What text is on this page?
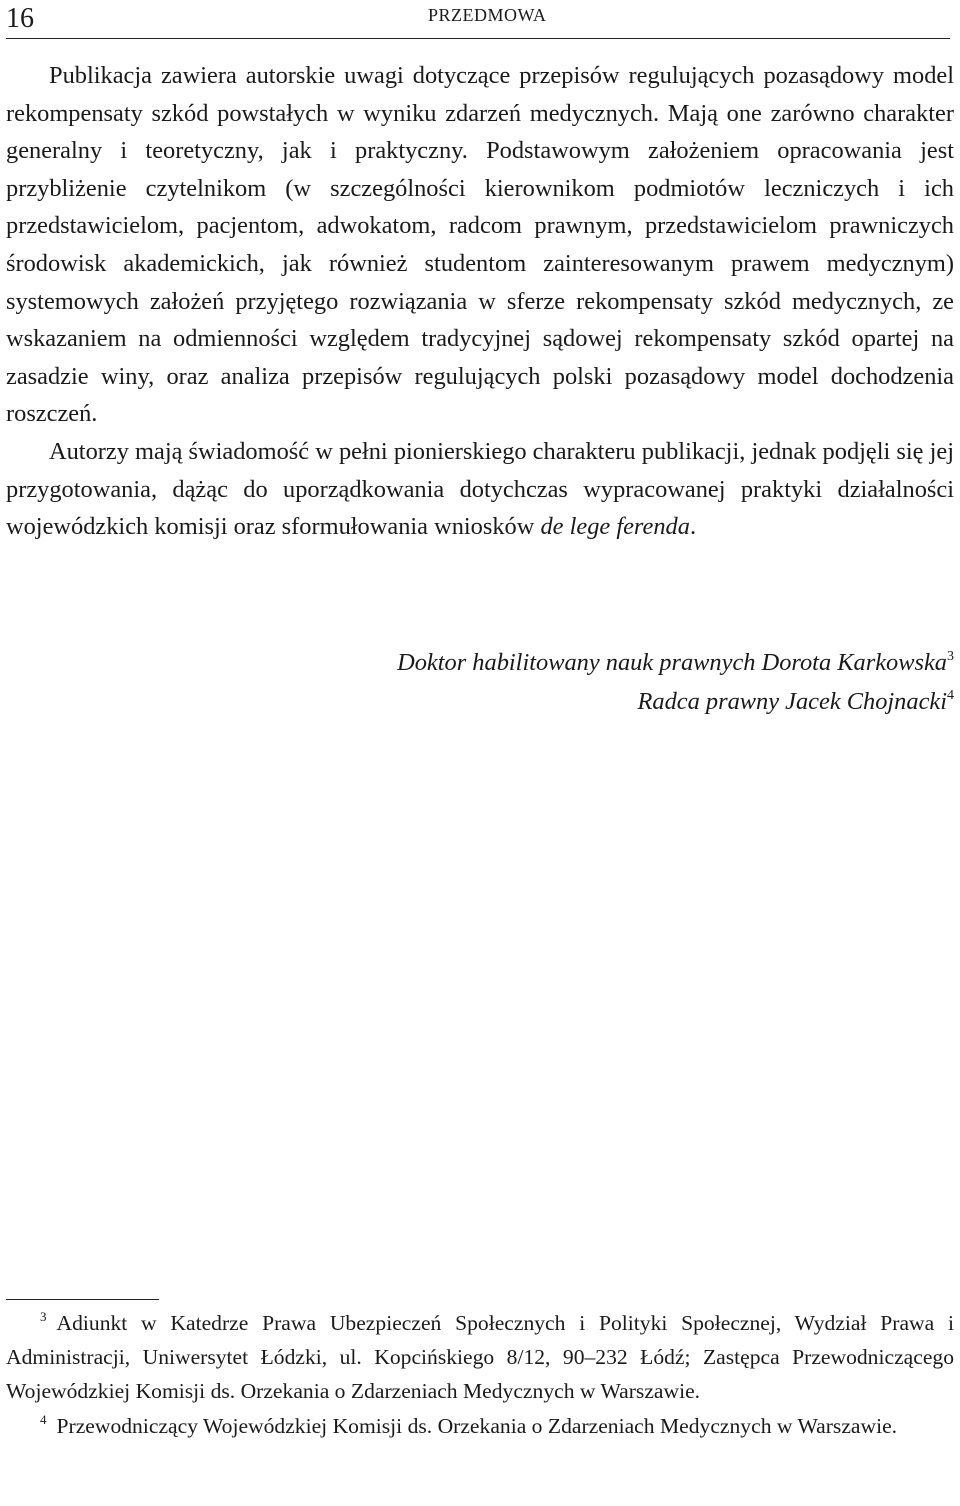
16	PRZEDMOWA

Publikacja zawiera autorskie uwagi dotyczące przepisów regulujących pozasądowy model rekompensaty szkód powstałych w wyniku zdarzeń medycznych. Mają one zarówno charakter generalny i teoretyczny, jak i praktyczny. Podstawowym założeniem opracowania jest przybliżenie czytelnikom (w szczególności kierownikom podmiotów leczniczych i ich przedstawicielom, pacjentom, adwokatom, radcom prawnym, przedstawicielom prawniczych środowisk akademickich, jak również studentom zainteresowanym prawem medycznym) systemowych założeń przyjętego rozwiązania w sferze rekompensaty szkód medycznych, ze wskazaniem na odmienności względem tradycyjnej sądowej rekompensaty szkód opartej na zasadzie winy, oraz analiza przepisów regulujących polski pozasądowy model dochodzenia roszczeń.

Autorzy mają świadomość w pełni pionierskiego charakteru publikacji, jednak podjęli się jej przygotowania, dążąc do uporządkowania dotychczas wypracowanej praktyki działalności wojewódzkich komisji oraz sformułowania wniosków de lege ferenda.

Doktor habilitowany nauk prawnych Dorota Karkowska$^3$
Radca prawny Jacek Chojnacki$^4$

$^3$ Adiunkt w Katedrze Prawa Ubezpieczeń Społecznych i Polityki Społecznej, Wydział Prawa i Administracji, Uniwersytet Łódzki, ul. Kopcińskiego 8/12, 90–232 Łódź; Zastępca Przewodniczącego Wojewódzkiej Komisji ds. Orzekania o Zdarzeniach Medycznych w Warszawie.

$^4$ Przewodniczący Wojewódzkiej Komisji ds. Orzekania o Zdarzeniach Medycznych w Warszawie.
